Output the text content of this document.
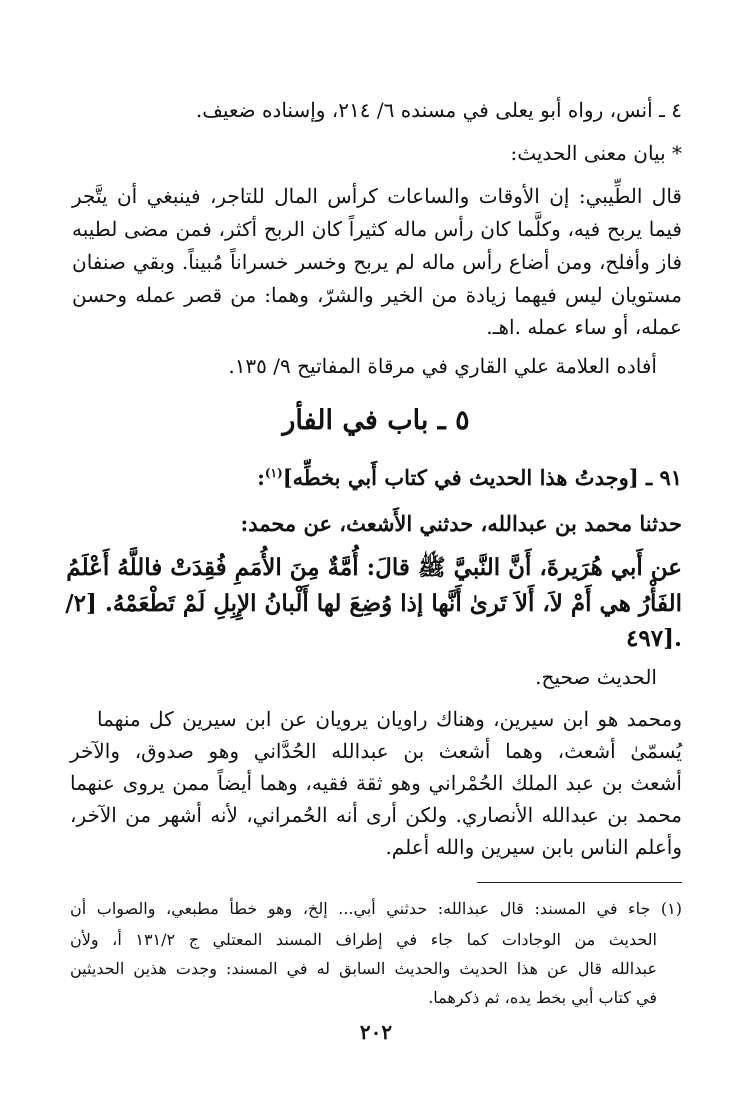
٤ ـ أنس، رواه أبو يعلى في مسنده ٦/ ٢١٤، وإسناده ضعيف.

* بيان معنى الحديث:

قال الطِّيبي: إن الأوقات والساعات كرأس المال للتاجر، فينبغي أن يتَّجر

فيما يربح فيه، وكلَّما كان رأس ماله كثيراً كان الربح أكثر، فمن مضى لطيبه

فاز وأفلح، ومن أضاع رأس ماله لم يربح وخسر خسراناً مُبيناً. وبقي صنفان

مستويان ليس فيهما زيادة من الخير والشرّ، وهما: من قصر عمله وحسن

عمله، أو ساء عمله .اهـ.

أفاده العلامة علي القاري في مرقاة المفاتيح ٩/ ١٣٥.

٥ ـ باب في الفأر

٩١ ـ [وجدتُ هذا الحديث في كتاب أَبي بخطِّه]$^{(١)}$:

حدثنا محمد بن عبدالله، حدثني الأَشعث، عن محمد:

عن أَبي هُرَيرةَ، أَنَّ النَّبيَّ ﷺ قالَ: أُمَّةٌ مِنَ الأُمَمِ فُقِدَتْ فاللَّهُ أَعْلَمُ

الفَأْرُ هي أَمْ لاَ، أَلاَ تَرىٰ أَنَّها إذا وُضِعَ لها أَلْبانُ الإِبِلِ لَمْ تَطْعَمْهُ. [٢/

٤٩٧].

الحديث صحيح.

ومحمد هو ابن سيرين، وهناك راويان يرويان عن ابن سيرين كل منهما

يُسمّىٰ أشعث، وهما أشعث بن عبدالله الحُدَّاني وهو صدوق، والآخر

أشعث بن عبد الملك الحُمْراني وهو ثقة فقيه، وهما أيضاً ممن يروى عنهما

محمد بن عبدالله الأنصاري. ولكن أرى أنه الحُمراني، لأنه أشهر من الآخر،

وأعلم الناس بابن سيرين والله أعلم.

(١) جاء في المسند: قال عبدالله: حدثني أبي... إلخ، وهو خطأ مطبعي، والصواب أن

الحديث من الوجادات كما جاء في إطراف المسند المعتلي ج ١٣١/٢ أ، ولأن

عبدالله قال عن هذا الحديث والحديث السابق له في المسند: وجدت هذين الحديثين

في كتاب أبي بخط يده، ثم ذكرهما.

٢٠٢
